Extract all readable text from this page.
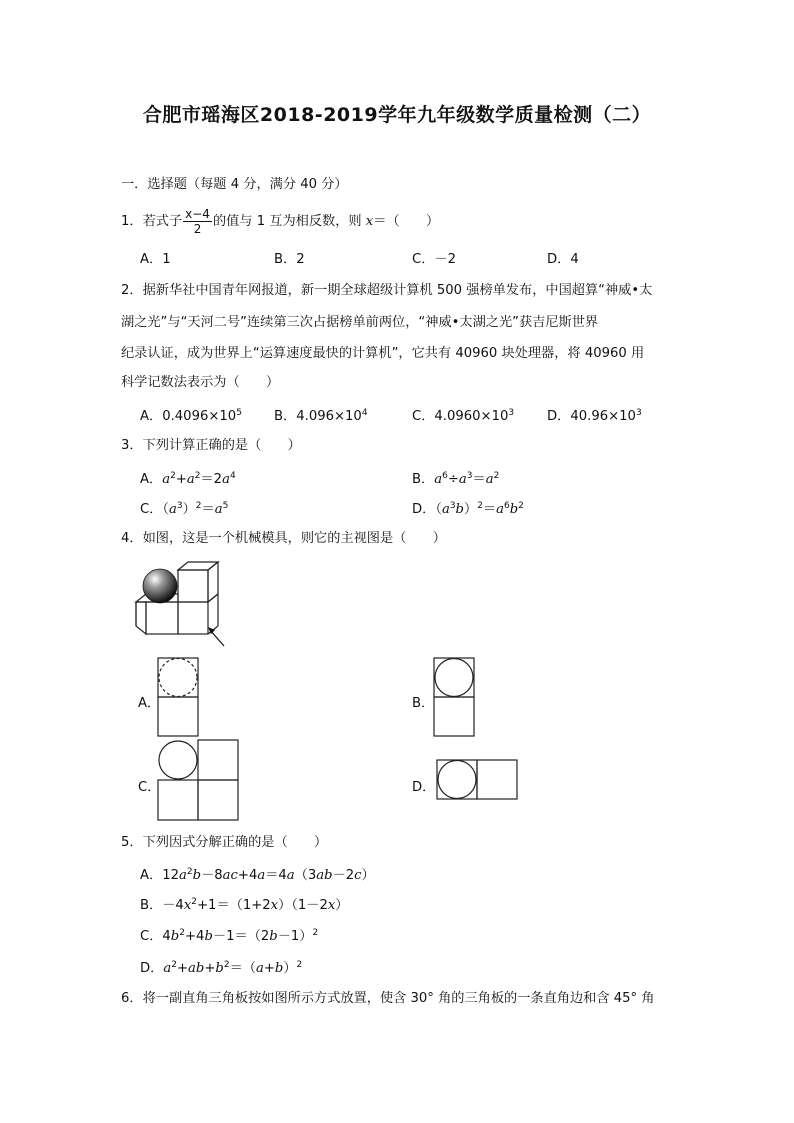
合肥市瑶海区2018-2019学年九年级数学质量检测（二）
一．选择题（每题 4 分，满分 40 分）
1．若式子 $\frac{x-4}{2}$ 的值与 1 互为相反数，则 x＝（　　）
A．1	B．2	C．－2	D．4
2．据新华社中国青年网报道，新一期全球超级计算机 500 强榜单发布，中国超算“神威•太
湖之光”与“天河二号”连续第三次占据榜单前两位，“神威•太湖之光”获吉尼斯世界
纪录认证，成为世界上“运算速度最快的计算机”，它共有 40960 块处理器，将 40960 用
科学记数法表示为（　　）
A．$0.4096\times 10^5$ B．$4.096\times 10^4$	C．$4.0960\times 10^3$ D．$40.96\times 10^3$
3．下列计算正确的是（　　）
A．$a^2+a^2=2a^4$	B．$a^6\div a^3=a^2$
C．$(a^3)^2=a^5$	D．$(a^3b)^2=a^6b^2$
4．如图，这是一个机械模具，则它的主视图是（　　）
A．	B．
C．	D．
5．下列因式分解正确的是（　　）
A．$12a^2b-8ac+4a=4a(3ab-2c)$
B．$-4x^2+1=(1+2x)(1-2x)$
C．$4b^2+4b-1=(2b-1)^2$
D．$a^2+ab+b^2=(a+b)^2$
6．将一副直角三角板按如图所示方式放置，使含 30° 角的三角板的一条直角边和含 45° 角
